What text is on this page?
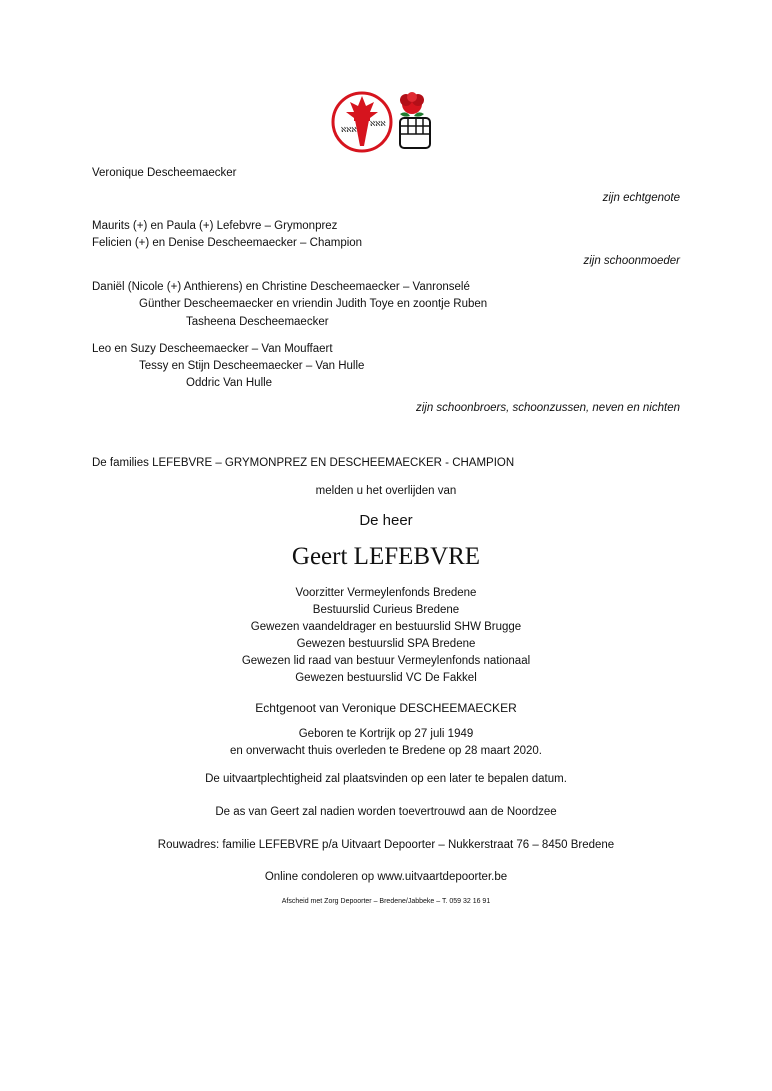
ℵℵℵ
ℵℵℵ
Veronique Descheemaecker
zijn echtgenote
Maurits (+) en Paula (+) Lefebvre – Grymonprez
Felicien (+) en Denise Descheemaecker – Champion
zijn schoonmoeder
Daniël (Nicole (+) Anthierens) en Christine Descheemaecker – Vanronselé
Günther Descheemaecker en vriendin Judith Toye en zoontje Ruben
Tasheena Descheemaecker
Leo en Suzy Descheemaecker – Van Mouffaert
Tessy en Stijn Descheemaecker – Van Hulle
Oddric Van Hulle
zijn schoonbroers, schoonzussen, neven en nichten
De families LEFEBVRE – GRYMONPREZ EN DESCHEEMAECKER - CHAMPION
melden u het overlijden van
De heer
Geert LEFEBVRE
Voorzitter Vermeylenfonds Bredene
Bestuurslid Curieus Bredene
Gewezen vaandeldrager en bestuurslid SHW Brugge
Gewezen bestuurslid SPA Bredene
Gewezen lid raad van bestuur Vermeylenfonds nationaal
Gewezen bestuurslid VC De Fakkel
Echtgenoot van Veronique DESCHEEMAECKER
Geboren te Kortrijk op 27 juli 1949
en onverwacht thuis overleden te Bredene op 28 maart 2020.
De uitvaartplechtigheid zal plaatsvinden op een later te bepalen datum.
De as van Geert zal nadien worden toevertrouwd aan de Noordzee
Rouwadres: familie LEFEBVRE p/a Uitvaart Depoorter – Nukkerstraat 76 – 8450 Bredene
Online condoleren op www.uitvaartdepoorter.be
Afscheid met Zorg Depoorter – Bredene/Jabbeke – T. 059 32 16 91
